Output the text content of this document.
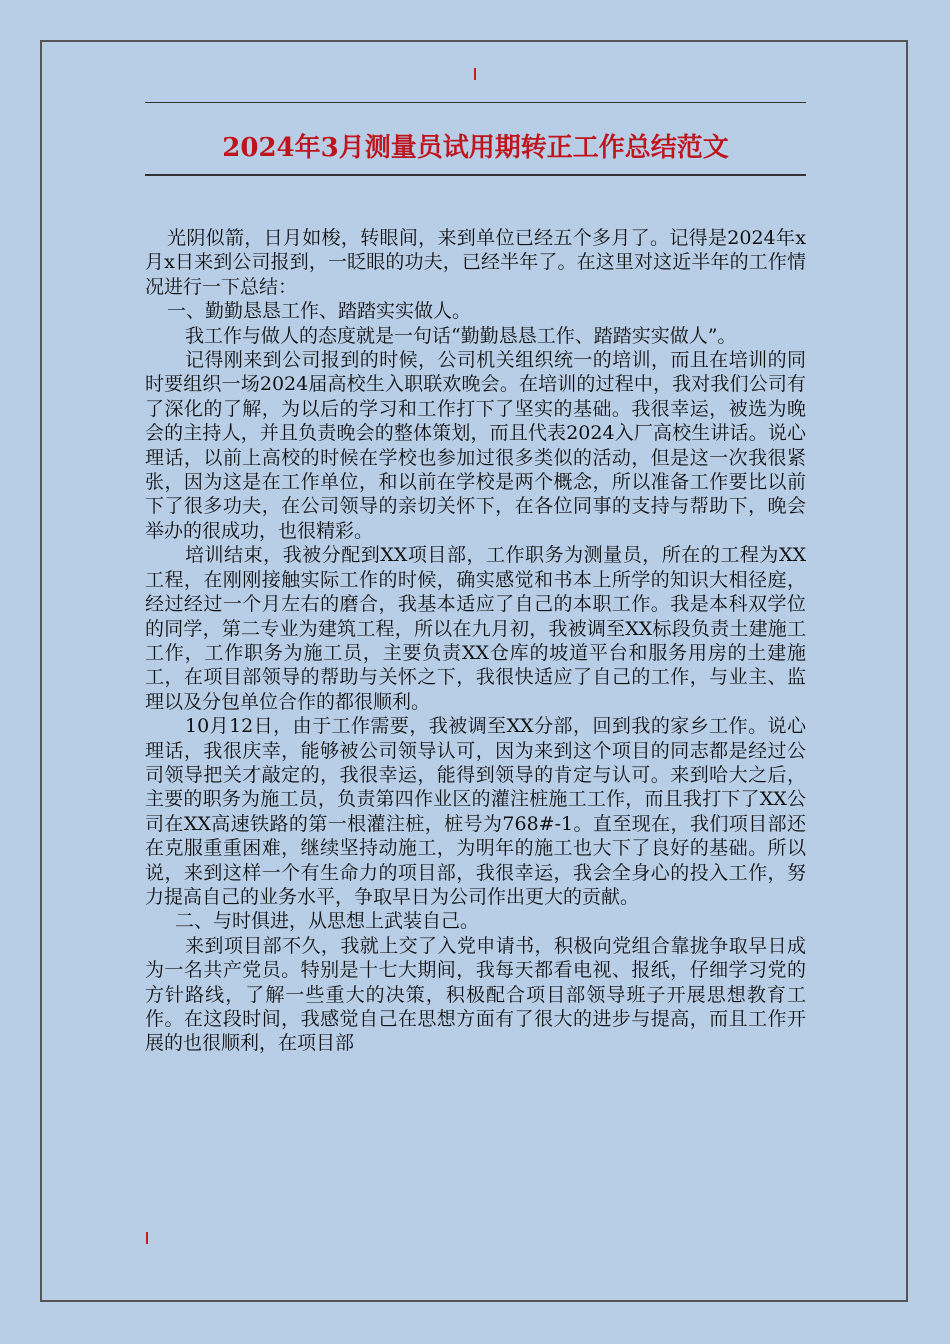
2024年3月测量员试用期转正工作总结范文

光阴似箭，日月如梭，转眼间，来到单位已经五个多月了。记得是2024年x月x日来到公司报到，一眨眼的功夫，已经半年了。在这里对这近半年的工作情况进行一下总结：

一、勤勤恳恳工作、踏踏实实做人。

我工作与做人的态度就是一句话“勤勤恳恳工作、踏踏实实做人”。

记得刚来到公司报到的时候，公司机关组织统一的培训，而且在培训的同时要组织一场2024届高校生入职联欢晚会。在培训的过程中，我对我们公司有了深化的了解，为以后的学习和工作打下了坚实的基础。我很幸运，被选为晚会的主持人，并且负责晚会的整体策划，而且代表2024入厂高校生讲话。说心理话，以前上高校的时候在学校也参加过很多类似的活动，但是这一次我很紧张，因为这是在工作单位，和以前在学校是两个概念，所以准备工作要比以前下了很多功夫，在公司领导的亲切关怀下，在各位同事的支持与帮助下，晚会举办的很成功，也很精彩。

培训结束，我被分配到XX项目部，工作职务为测量员，所在的工程为XX工程，在刚刚接触实际工作的时候，确实感觉和书本上所学的知识大相径庭，经过经过一个月左右的磨合，我基本适应了自己的本职工作。我是本科双学位的同学，第二专业为建筑工程，所以在九月初，我被调至XX标段负责土建施工工作，工作职务为施工员，主要负责XX仓库的坡道平台和服务用房的土建施工，在项目部领导的帮助与关怀之下，我很快适应了自己的工作，与业主、监理以及分包单位合作的都很顺利。

10月12日，由于工作需要，我被调至XX分部，回到我的家乡工作。说心理话，我很庆幸，能够被公司领导认可，因为来到这个项目的同志都是经过公司领导把关才敲定的，我很幸运，能得到领导的肯定与认可。来到哈大之后，主要的职务为施工员，负责第四作业区的灌注桩施工工作，而且我打下了XX公司在XX高速铁路的第一根灌注桩，桩号为768#-1。直至现在，我们项目部还在克服重重困难，继续坚持动施工，为明年的施工也大下了良好的基础。所以说，来到这样一个有生命力的项目部，我很幸运，我会全身心的投入工作，努力提高自己的业务水平，争取早日为公司作出更大的贡献。

二、与时俱进，从思想上武装自己。

来到项目部不久，我就上交了入党申请书，积极向党组合靠拢争取早日成为一名共产党员。特别是十七大期间，我每天都看电视、报纸，仔细学习党的方针路线，了解一些重大的决策，积极配合项目部领导班子开展思想教育工作。在这段时间，我感觉自己在思想方面有了很大的进步与提高，而且工作开展的也很顺利，在项目部
